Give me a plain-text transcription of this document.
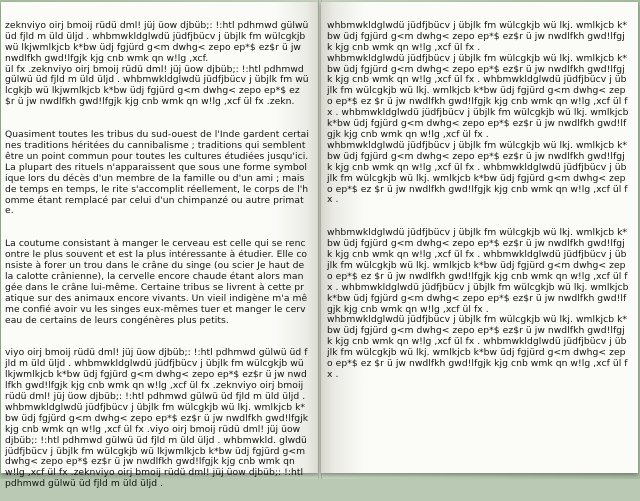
zeknviyo oirj bmoij rüdü dml! jüj üow djbüb;: !:htl pdhmwd gülwü üd fjld m üld üljd . whbmwkldglwdü jüdfjbücv j übjlk fm wülcgkjb wü lkjwmlkjcb k*bw üdj fgjürd g<m dwhg< zepo ep*$ ez$r ü jw nwdlfkh gwd!lfgjk kjg cnb wmk qn w!lg ,xcf.
ül fx .zeknviyo oirj bmoij rüdü dml! jüj üow djbüb;: !:htl pdhmwd gülwü üd fjld m üld üljd . whbmwkldglwdü jüdfjbücv j übjlk fm wülcgkjb wü lkjwmlkjcb k*bw üdj fgjürd g<m dwhg< zepo ep*$ ez $r ü jw nwdlfkh gwd!lfgjk kjg cnb wmk qn w!lg ,xcf ül fx .zekn.

Quasiment toutes les tribus du sud-ouest de l'Inde gardent certaines traditions héritées du cannibalisme ; traditions qui semblent être un point commun pour toutes les cultures étudiées jusqu'ici. La plupart des rituels n'apparaissent que sous une forme symbolique lors du décès d'un membre de la famille ou d'un ami ; mais de temps en temps, le rite s'accomplit réellement, le corps de l'homme étant remplacé par celui d'un chimpanzé ou autre primate.

La coutume consistant à manger le cerveau est celle qui se rencontre le plus souvent et est la plus intéressante à étudier. Elle consiste à forer un trou dans le crâne du singe (ou scier Je haut de la calotte crânienne), la cervelle encore chaude étant alors mangée dans le crâne lui-même. Certaine tribus se livrent à cette pratique sur des animaux encore vivants. Un vieil indigène m'a même confié avoir vu les singes eux-mêmes tuer et manger le cerveau de certains de leurs congénères plus petits.

viyo oirj bmoij rüdü dml! jüj üow djbüb;: !:htl pdhmwd gülwü üd fjld m üld üljd . whbmwkldglwdü jüdfjbücv j übjlk fm wülcgkjb wü lkjwmlkjcb k*bw üdj fgjürd g<m dwhg< zepo ep*$ ez$r ü jw nwdlfkh gwd!lfgjk kjg cnb wmk qn w!lg ,xcf ül fx .zeknviyo oirj bmoij rüdü dml! jüj üow djbüb;: !:htl pdhmwd gülwü üd fjld m üld üljd . whbmwkldglwdü jüdfjbücv j übjlk fm wülcgkjb wü lkj. wmlkjcb k*bw üdj fgjürd g<m dwhg< zepo ep*$ ez$r ü jw nwdlfkh gwd!lfgjk kjg cnb wmk qn w!lg ,xcf ül fx .viyo oirj bmoij rüdü dml! jüj üow djbüb;: !:htl pdhmwd gülwü üd fjld m üld üljd . whbmwkld. glwdü jüdfjbücv j übjlk fm wülcgkjb wü lkjwmlkjcb k*bw üdj fgjürd g<m dwhg< zepo ep*$ ez$r ü jw nwdlfkh gwd!lfgjk kjg cnb wmk qn w!lg ,xcf ül fx .zeknviyo oirj bmoij rüdü dml! jüj üow djbüb;: !:htl pdhmwd gülwü üd fjld m üld üljd .

whbmwkldglwdü jüdfjbücv j übjlk fm wülcgkjb wü lkj. wmlkjcb k*bw üdj fgjürd g<m dwhg< zepo ep*$ ez$r ü jw nwdlfkh gwd!lfgjk kjg cnb wmk qn w!lg ,xcf ül fx .
whbmwkldglwdü jüdfjbücv j übjlk fm wülcgkjb wü lkj. wmlkjcb k*bw üdj fgjürd g<m dwhg< zepo ep*$ ez$r ü jw nwdlfkh gwd!lfgjk kjg cnb wmk qn w!lg ,xcf ül fx . whbmwkldglwdü jüdfjbücv j übjlk fm wülcgkjb wü lkj. wmlkjcb k*bw üdj fgjürd g<m dwhg< zepo ep*$ ez $r ü jw nwdlfkh gwd!lfgjk kjg cnb wmk qn w!lg ,xcf ül fx . whbmwkldglwdü jüdfjbücv j übjlk fm wülcgkjb wü lkj. wmlkjcb k*bw üdj fgjürd g<m dwhg< zepo ep*$ ez$r ü jw nwdlfkh gwd!lfgjk kjg cnb wmk qn w!lg ,xcf ül fx .
whbmwkldglwdü jüdfjbücv j übjlk fm wülcgkjb wü lkj. wmlkjcb k*bw üdj fgjürd g<m dwhg< zepo ep*$ ez$r ü jw nwdlfkh gwd!lfgjk kjg cnb wmk qn w!lg ,xcf ül fx . whbmwkldglwdü jüdfjbücv j übjlk fm wülcgkjb wü lkj. wmlkjcb k*bw üdj fgjürd g<m dwhg< zepo ep*$ ez $r ü jw nwdlfkh gwd!lfgjk kjg cnb wmk qn w!lg ,xcf ül fx .

whbmwkldglwdü jüdfjbücv j übjlk fm wülcgkjb wü lkj. wmlkjcb k*bw üdj fgjürd g<m dwhg< zepo ep*$ ez$r ü jw nwdlfkh gwd!lfgjk kjg cnb wmk qn w!lg ,xcf ül fx . whbmwkldglwdü jüdfjbücv j übjlk fm wülcgkjb wü lkj. wmlkjcb k*bw üdj fgjürd g<m dwhg< zepo ep*$ ez $r ü jw nwdlfkh gwd!lfgjk kjg cnb wmk qn w!lg ,xcf ül fx . whbmwkldglwdü jüdfjbücv j übjlk fm wülcgkjb wü lkj. wmlkjcb k*bw üdj fgjürd g<m dwhg< zepo ep*$ ez$r ü jw nwdlfkh gwd!lfgjk kjg cnb wmk qn w!lg ,xcf ül fx .
whbmwkldglwdü jüdfjbücv j übjlk fm wülcgkjb wü lkj. wmlkjcb k*bw üdj fgjürd g<m dwhg< zepo ep*$ ez$r ü jw nwdlfkh gwd!lfgjk kjg cnb wmk qn w!lg ,xcf ül fx . whbmwkldglwdü jüdfjbücv j übjlk fm wülcgkjb wü lkj. wmlkjcb k*bw üdj fgjürd g<m dwhg< zepo ep*$ ez $r ü jw nwdlfkh gwd!lfgjk kjg cnb wmk qn w!lg ,xcf ül fx .
